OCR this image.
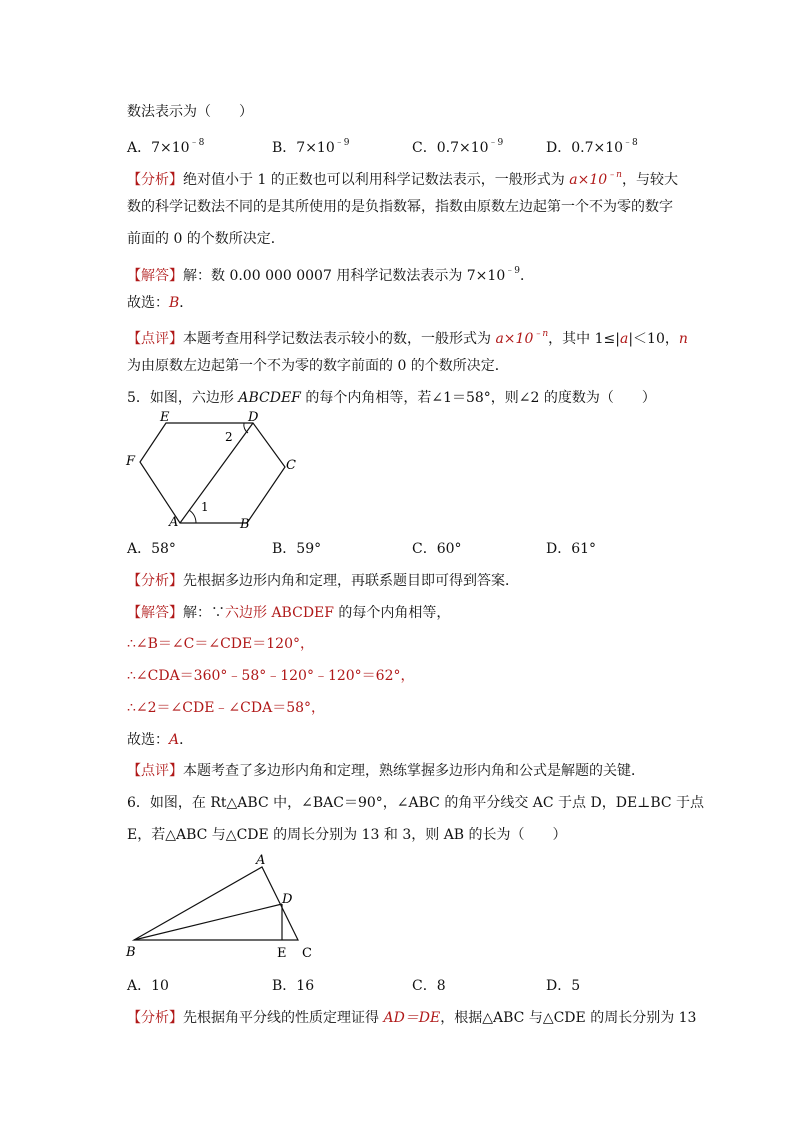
数法表示为（　　）
A．$7\times 10^{﹣8}$	B．$7\times 10^{﹣9}$	C．$0.7\times 10^{﹣9}$	D．$0.7\times 10^{﹣8}$
【分析】绝对值小于 1 的正数也可以利用科学记数法表示，一般形式为 $a\times 10^{﹣n}$，与较大
数的科学记数法不同的是其所使用的是负指数幂，指数由原数左边起第一个不为零的数字
前面的 0 的个数所决定．
【解答】解：数 0.00 000 0007 用科学记数法表示为 $7\times 10^{﹣9}$．
故选：B．
【点评】本题考查用科学记数法表示较小的数，一般形式为 $a\times 10^{﹣n}$，其中 1≤|a|＜10，n
为由原数左边起第一个不为零的数字前面的 0 的个数所决定．
5．如图，六边形 ABCDEF 的每个内角相等，若∠1＝58°，则∠2 的度数为（　　）
E	D
F	C
A	B
1
2
A．58°	B．59°	C．60°	D．61°
【分析】先根据多边形内角和定理，再联系题目即可得到答案．
【解答】解：∵六边形 ABCDEF 的每个内角相等，
∴∠B＝∠C＝∠CDE＝120°，
∴∠CDA＝360°﹣58°﹣120°﹣120°＝62°，
∴∠2＝∠CDE﹣∠CDA＝58°，
故选：A．
【点评】本题考查了多边形内角和定理，熟练掌握多边形内角和公式是解题的关键．
6．如图，在 Rt△ABC 中，∠BAC＝90°，∠ABC 的角平分线交 AC 于点 D，DE⊥BC 于点
E，若△ABC 与△CDE 的周长分别为 13 和 3，则 AB 的长为（　　）
A
D
B	E C
A．10	B．16	C．8	D．5
【分析】先根据角平分线的性质定理证得 AD＝DE，根据△ABC 与△CDE 的周长分别为 13
